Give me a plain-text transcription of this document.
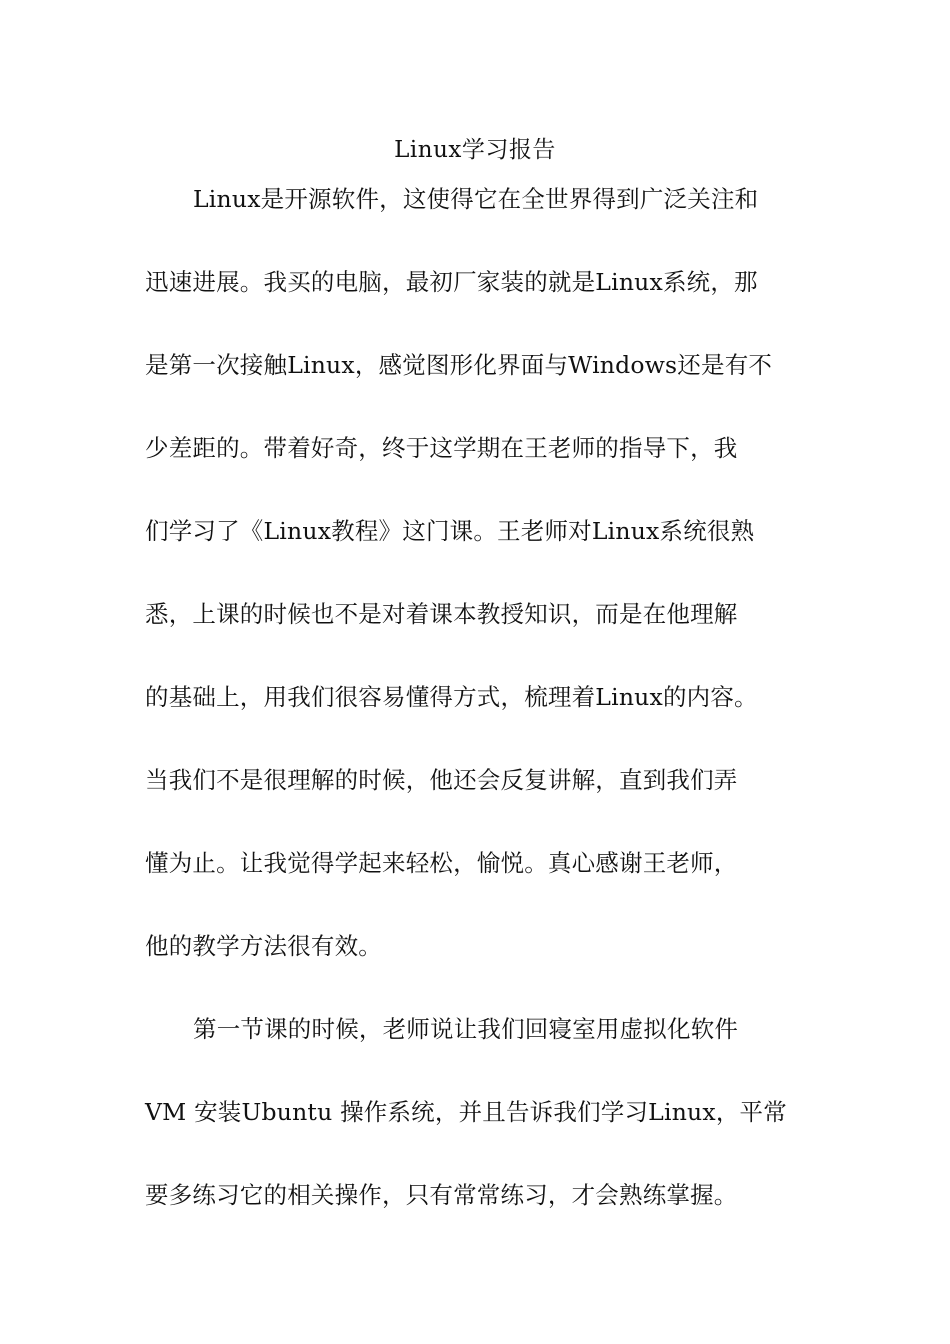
Linux学习报告
Linux是开源软件，这使得它在全世界得到广泛关注和
迅速进展。我买的电脑，最初厂家装的就是Linux系统，那
是第一次接触Linux，感觉图形化界面与Windows还是有不
少差距的。带着好奇，终于这学期在王老师的指导下，我
们学习了《Linux教程》这门课。王老师对Linux系统很熟
悉，上课的时候也不是对着课本教授知识，而是在他理解
的基础上，用我们很容易懂得方式，梳理着Linux的内容。
当我们不是很理解的时候，他还会反复讲解，直到我们弄
懂为止。让我觉得学起来轻松，愉悦。真心感谢王老师，
他的教学方法很有效。
第一节课的时候，老师说让我们回寝室用虚拟化软件
VM 安装Ubuntu 操作系统，并且告诉我们学习Linux，平常
要多练习它的相关操作，只有常常练习，才会熟练掌握。
